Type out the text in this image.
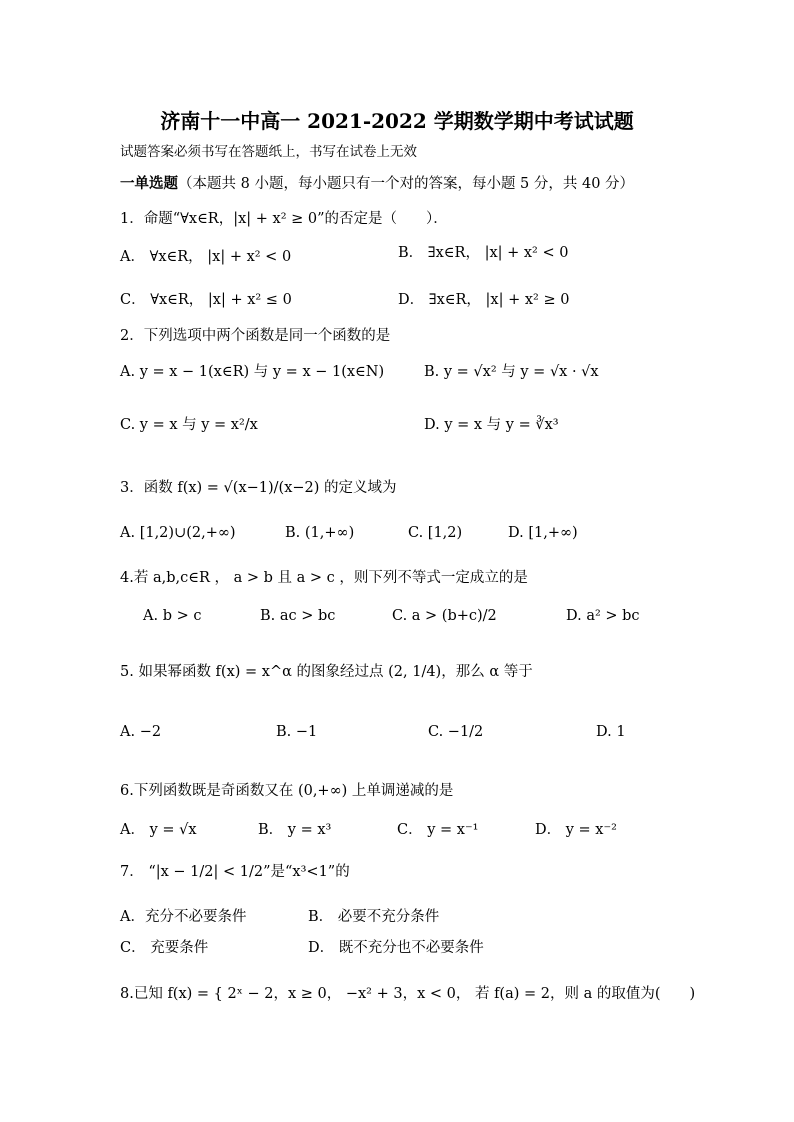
济南十一中高一 2021-2022 学期数学期中考试试题
试题答案必须书写在答题纸上，书写在试卷上无效
一单选题（本题共 8 小题，每小题只有一个对的答案，每小题 5 分，共 40 分）
1．命题“∀x∈R，|x| + x² ≥ 0”的否定是（　　）．
A． ∀x∈R， |x| + x² < 0	B． ∃x∈R， |x| + x² < 0
C． ∀x∈R， |x| + x² ≤ 0	D． ∃x∈R， |x| + x² ≥ 0
2．下列选项中两个函数是同一个函数的是
A. y = x − 1(x∈R) 与 y = x − 1(x∈N)	B. y = √x² 与 y = √x · √x
C. y = x 与 y = x²/x	D. y = x 与 y = ∛x³
3．函数 f(x) = √(x−1)/(x−2) 的定义域为
A. [1,2)∪(2,+∞)	B. (1,+∞)	C. [1,2)	D. [1,+∞)
4.若 a,b,c∈R ， a > b 且 a > c ，则下列不等式一定成立的是
A. b > c	B. ac > bc	C. a > (b+c)/2	D. a² > bc
5. 如果幂函数 f(x) = x^α 的图象经过点 (2, 1/4)，那么 α 等于
A. −2	B. −1	C. −1/2	D. 1
6.下列函数既是奇函数又在 (0,+∞) 上单调递减的是
A． y = √x	B． y = x³	C． y = x⁻¹	D． y = x⁻²
7． “|x − 1/2| < 1/2”是“x³<1”的
A．充分不必要条件	B． 必要不充分条件
C． 充要条件	D． 既不充分也不必要条件
8.已知 f(x) = { 2ˣ − 2，x ≥ 0， −x² + 3，x < 0， 若 f(a) = 2，则 a 的取值为(　　)
